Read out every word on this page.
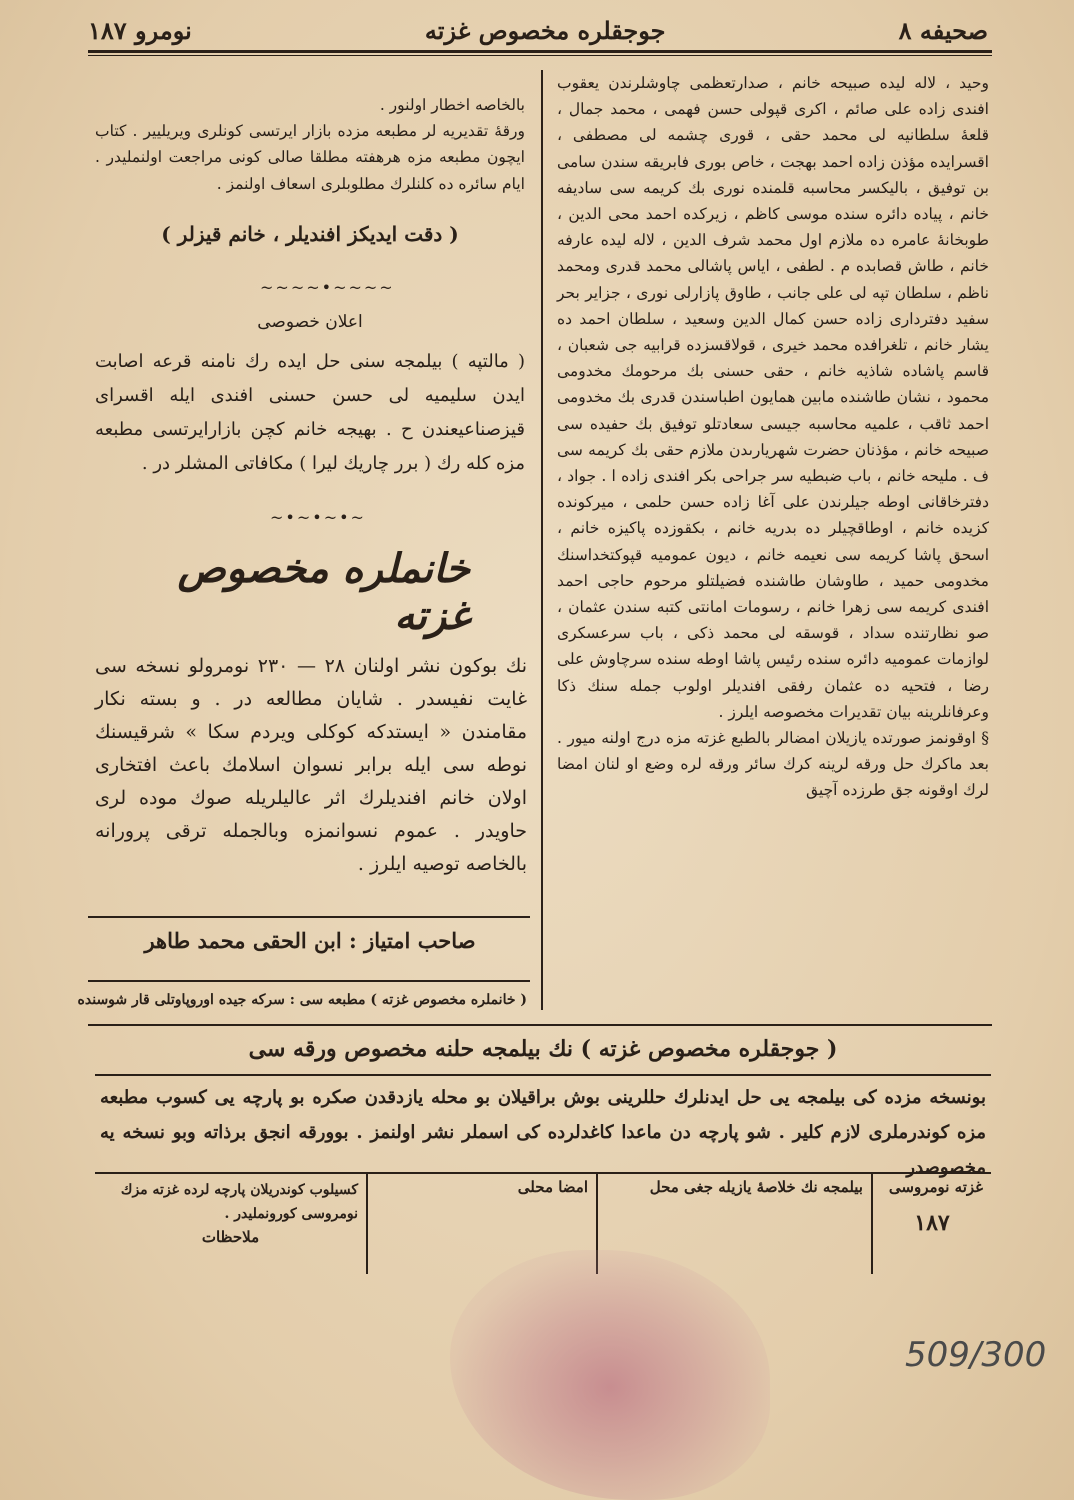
صحيفه ٨
جوجقلره مخصوص غزته
نومرو ١٨٧

وحيد ، لاله ليده صبيحه خانم ، صدارتعظمى چاوشلرندن يعقوب افندى زاده على صائم ، اكرى قپولى حسن فهمى ، محمد جمال ، قلعهٔ سلطانيه لى محمد حقى ، قورى چشمه لى مصطفى ، اقسرايده مؤذن زاده احمد بهجت ، خاص بورى فابريقه سندن سامى بن توفيق ، باليكسر محاسبه قلمنده نورى بك كريمه سى ساديفه خانم ، پياده دائره سنده موسى كاظم ، زيركده احمد محى الدين ، طوبخانهٔ عامره ده ملازم اول محمد شرف الدين ، لاله ليده عارفه خانم ، طاش قصابده م . لطفى ، اياس پاشالى محمد قدرى ومحمد ناظم ، سلطان تپه لى على جانب ، طاوق پازارلى نورى ، جزاير بحر سفيد دفتردارى زاده حسن كمال الدين وسعيد ، سلطان احمد ده يشار خانم ، تلغرافده محمد خيرى ، قولاقسزده قرابيه جى شعبان ، قاسم پاشاده شاذيه خانم ، حقى حسنى بك مرحومك مخدومى محمود ، نشان طاشنده مابين همايون اطباسندن قدرى بك مخدومى احمد ثاقب ، علميه محاسبه جيسى سعادتلو توفيق بك حفيده سى صبيحه خانم ، مؤذنان حضرت شهريارىدن ملازم حقى بك كريمه سى ف . مليحه خانم ، باب ضبطيه سر جراحى بكر افندى زاده ا . جواد ، دفترخاقانى اوطه جيلرندن على آغا زاده حسن حلمى ، ميركونده كزيده خانم ، اوطاقچيلر ده بدريه خانم ، بكقوزده پاكيزه خانم ، اسحق پاشا كريمه سى نعيمه خانم ، ديون عموميه قپوكتخداسنك مخدومى حميد ، طاوشان طاشنده فضيلتلو مرحوم حاجى احمد افندى كريمه سى زهرا خانم ، رسومات امانتى كتبه سندن عثمان ، صو نظارتنده سداد ، قوسقه لى محمد ذكى ، باب سرعسكرى لوازمات عموميه دائره سنده رئيس پاشا اوطه سنده سرچاوش على رضا ، فتحيه ده عثمان رفقى افنديلر اولوب جمله سنك ذكا وعرفانلرينه بيان تقديرات مخصوصه ايلرز .

§ اوقونمز صورتده يازيلان امضالر بالطبع غزته مزه درج اولنه ميور . بعد ماكرك حل ورقه لرينه كرك سائر ورقه لره وضع او لنان امضا لرك اوقونه جق طرزده آچيق

بالخاصه اخطار اولنور .

ورقهٔ تقديريه لر مطبعه مزده بازار ايرتسى كونلرى ويريليير . كتاب ايچون مطبعه مزه هرهفته مطلقا صالى كونى مراجعت اولنمليدر . ايام سائره ده كلنلرك مطلوبلرى اسعاف اولنمز .

( دقت ايديكز افنديلر ، خانم قيزلر )
~~~~•~~~~
اعلان خصوصى

( مالتپه ) بيلمجه سنى حل ايده رك نامنه قرعه اصابت ايدن سليميه لى حسن حسنى افندى ايله اقسراى قيزصناعيعندن ح . بهيجه خانم كچن بازارايرتسى مطبعه مزه كله رك ( برر چاريك ليرا ) مكافاتى المشلر در .

~•~•~•~
خانملره مخصوص غزته

نك بوكون نشر اولنان ٢٨ — ٢٣٠ نومرولو نسخه سى غايت نفيسدر . شايان مطالعه در . و بسته نكار مقامندن « ايستدكه كوكلى ويردم سكا » شرقيسنك نوطه سى ايله برابر نسوان اسلامك باعث افتخارى اولان خانم افنديلرك اثر عاليلريله صوك موده لرى حاويدر . عموم نسوانمزه وبالجمله ترقى پرورانه بالخاصه توصيه ايلرز .

صاحب امتياز : ابن الحقى محمد طاهر
( خانملره مخصوص غزته ) مطبعه سى : سركه جيده اوروپاوتلى قار شوسنده
( جوجقلره مخصوص غزته ) نك بيلمجه حلنه مخصوص ورقه سى

بونسخه مزده كى بيلمجه يى حل ايدنلرك حللرينى بوش براقيلان بو محله يازدقدن صكره بو پارچه يى كسوب مطبعه مزه كوندرملرى لازم كلير . شو پارچه دن ماعدا كاغدلرده كى اسملر نشر اولنمز . بوورقه انجق برذاته وبو نسخه يه مخصوصدر

غزته نومروسى
١٨٧
بيلمجه نك خلاصهٔ يازيله جغى محل
امضا محلى
كسيلوب كوندريلان پارچه لرده غزته مزك نومروسى كورونمليدر .
ملاحظات
509/300
